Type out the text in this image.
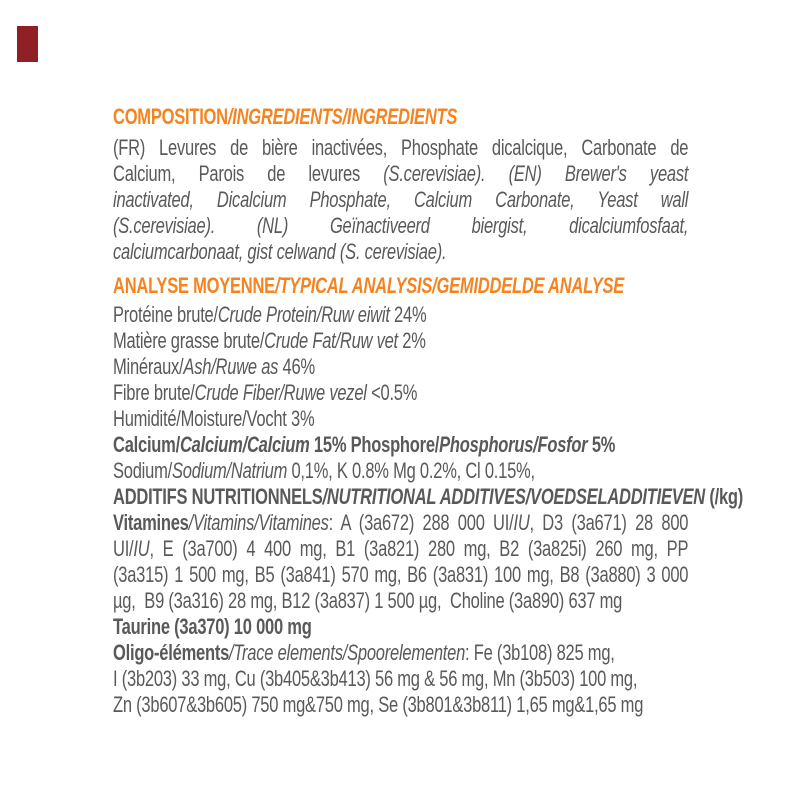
COMPOSITION/INGREDIENTS/INGREDIENTS
(FR) Levures de bière inactivées, Phosphate dicalcique, Carbonate de
Calcium, Parois de levures (S.cerevisiae). (EN) Brewer's yeast
inactivated, Dicalcium Phosphate, Calcium Carbonate, Yeast wall
(S.cerevisiae). (NL) Geïnactiveerd biergist, dicalciumfosfaat,
calciumcarbonaat, gist celwand (S. cerevisiae).
ANALYSE MOYENNE/TYPICAL ANALYSIS/GEMIDDELDE ANALYSE
Protéine brute/Crude Protein/Ruw eiwit 24%
Matière grasse brute/Crude Fat/Ruw vet 2%
Minéraux/Ash/Ruwe as 46%
Fibre brute/Crude Fiber/Ruwe vezel <0.5%
Humidité/Moisture/Vocht 3%
Calcium/Calcium/Calcium 15% Phosphore/Phosphorus/Fosfor 5%
Sodium/Sodium/Natrium 0,1%, K 0.8% Mg 0.2%, Cl 0.15%,
ADDITIFS NUTRITIONNELS/NUTRITIONAL ADDITIVES/VOEDSELADDITIEVEN (/kg)
Vitamines/Vitamins/Vitamines: A (3a672) 288 000 UI/IU, D3 (3a671) 28 800
UI/IU, E (3a700) 4 400 mg, B1 (3a821) 280 mg, B2 (3a825i) 260 mg, PP
(3a315) 1 500 mg, B5 (3a841) 570 mg, B6 (3a831) 100 mg, B8 (3a880) 3 000
µg,  B9 (3a316) 28 mg, B12 (3a837) 1 500 µg,  Choline (3a890) 637 mg
Taurine (3a370) 10 000 mg
Oligo-éléments/Trace elements/Spoorelementen: Fe (3b108) 825 mg,
I (3b203) 33 mg, Cu (3b405&3b413) 56 mg & 56 mg, Mn (3b503) 100 mg,
Zn (3b607&3b605) 750 mg&750 mg, Se (3b801&3b811) 1,65 mg&1,65 mg
